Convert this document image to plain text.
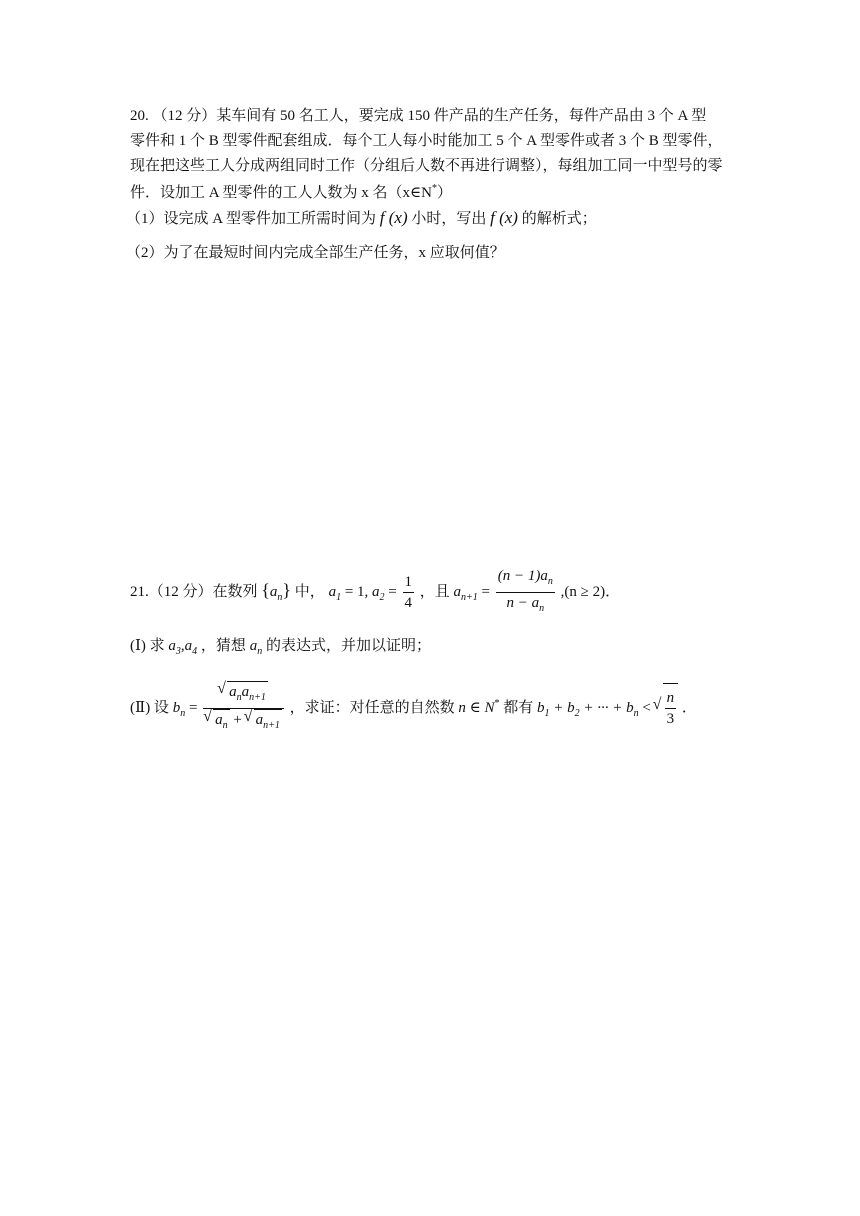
20. （12 分）某车间有 50 名工人，要完成 150 件产品的生产任务，每件产品由 3 个 A 型
零件和 1 个 B 型零件配套组成．每个工人每小时能加工 5 个 A 型零件或者 3 个 B 型零件，
现在把这些工人分成两组同时工作（分组后人数不再进行调整），每组加工同一中型号的零
件．设加工 A 型零件的工人人数为 x 名（x∈N*）
（1）设完成 A 型零件加工所需时间为 f (x) 小时，写出 f (x) 的解析式；
（2）为了在最短时间内完成全部生产任务，x 应取何值？
21.（12 分）在数列 $\{a_n\}$ 中， $a_1 = 1$, $a_2 = \frac{1}{4}$ ，且 $a_{n+1} = \frac{(n - 1)a_n}{n - a_n} ,(n \ge 2)$．
(Ⅰ) 求 $a_3,a_4$ ，猜想 $a_n$ 的表达式，并加以证明；
(Ⅱ) 设 $b_n$ = √ $a_na_{n+1}$
√ $a_n$ + √ $a_{n+1}$ ，求证：对任意的自然数 n ∈ N* 都有 $b_1 + b_2$ + ··· + $b_n$ < √ $\frac{n}{3}$ ．
